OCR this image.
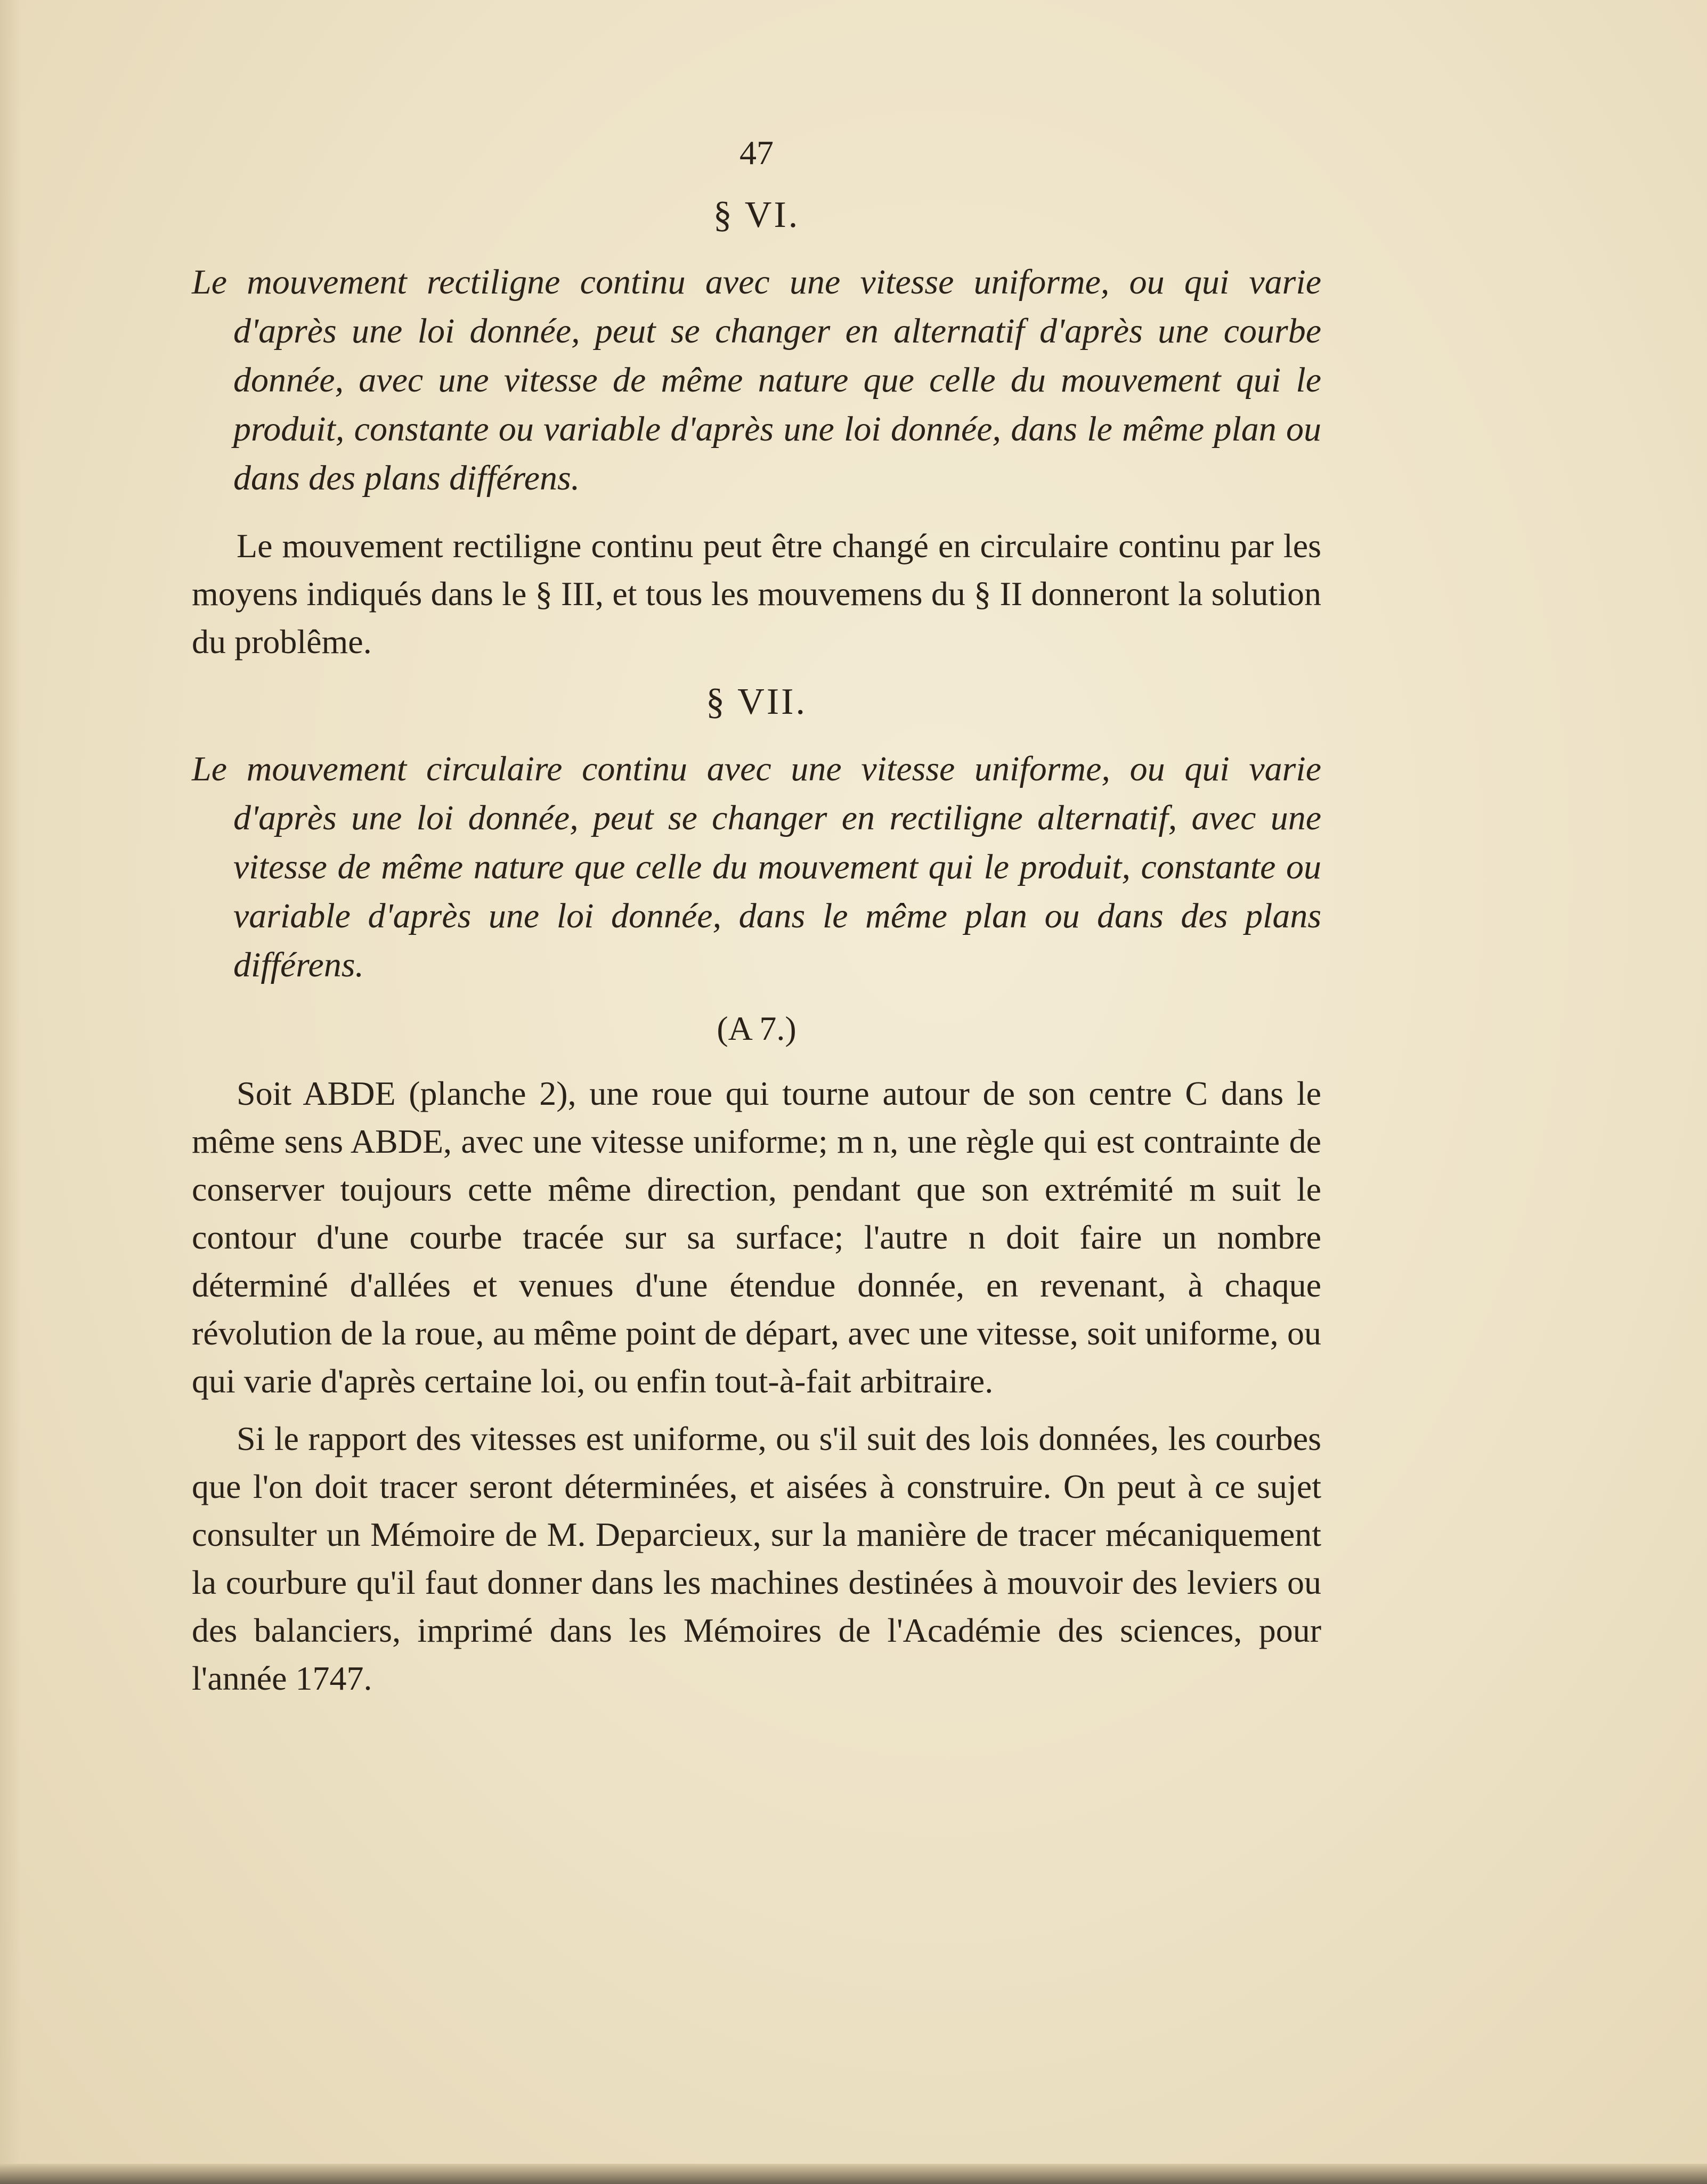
47
§ VI.

Le mouvement rectiligne continu avec une vitesse uniforme, ou qui varie d'après une loi donnée, peut se changer en alternatif d'après une courbe donnée, avec une vitesse de même nature que celle du mouvement qui le produit, constante ou variable d'après une loi donnée, dans le même plan ou dans des plans différens.

Le mouvement rectiligne continu peut être changé en circulaire continu par les moyens indiqués dans le § III, et tous les mouvemens du § II donneront la solution du problême.

§ VII.

Le mouvement circulaire continu avec une vitesse uniforme, ou qui varie d'après une loi donnée, peut se changer en rectiligne alternatif, avec une vitesse de même nature que celle du mouvement qui le produit, constante ou variable d'après une loi donnée, dans le même plan ou dans des plans différens.

(A 7.)

Soit ABDE (planche 2), une roue qui tourne autour de son centre C dans le même sens ABDE, avec une vitesse uniforme; m n, une règle qui est contrainte de conserver toujours cette même direction, pendant que son extrémité m suit le contour d'une courbe tracée sur sa surface; l'autre n doit faire un nombre déterminé d'allées et venues d'une étendue donnée, en revenant, à chaque révolution de la roue, au même point de départ, avec une vitesse, soit uniforme, ou qui varie d'après certaine loi, ou enfin tout-à-fait arbitraire.

Si le rapport des vitesses est uniforme, ou s'il suit des lois données, les courbes que l'on doit tracer seront déterminées, et aisées à construire. On peut à ce sujet consulter un Mémoire de M. Deparcieux, sur la manière de tracer mécaniquement la courbure qu'il faut donner dans les machines destinées à mouvoir des leviers ou des balanciers, imprimé dans les Mémoires de l'Académie des sciences, pour l'année 1747.
